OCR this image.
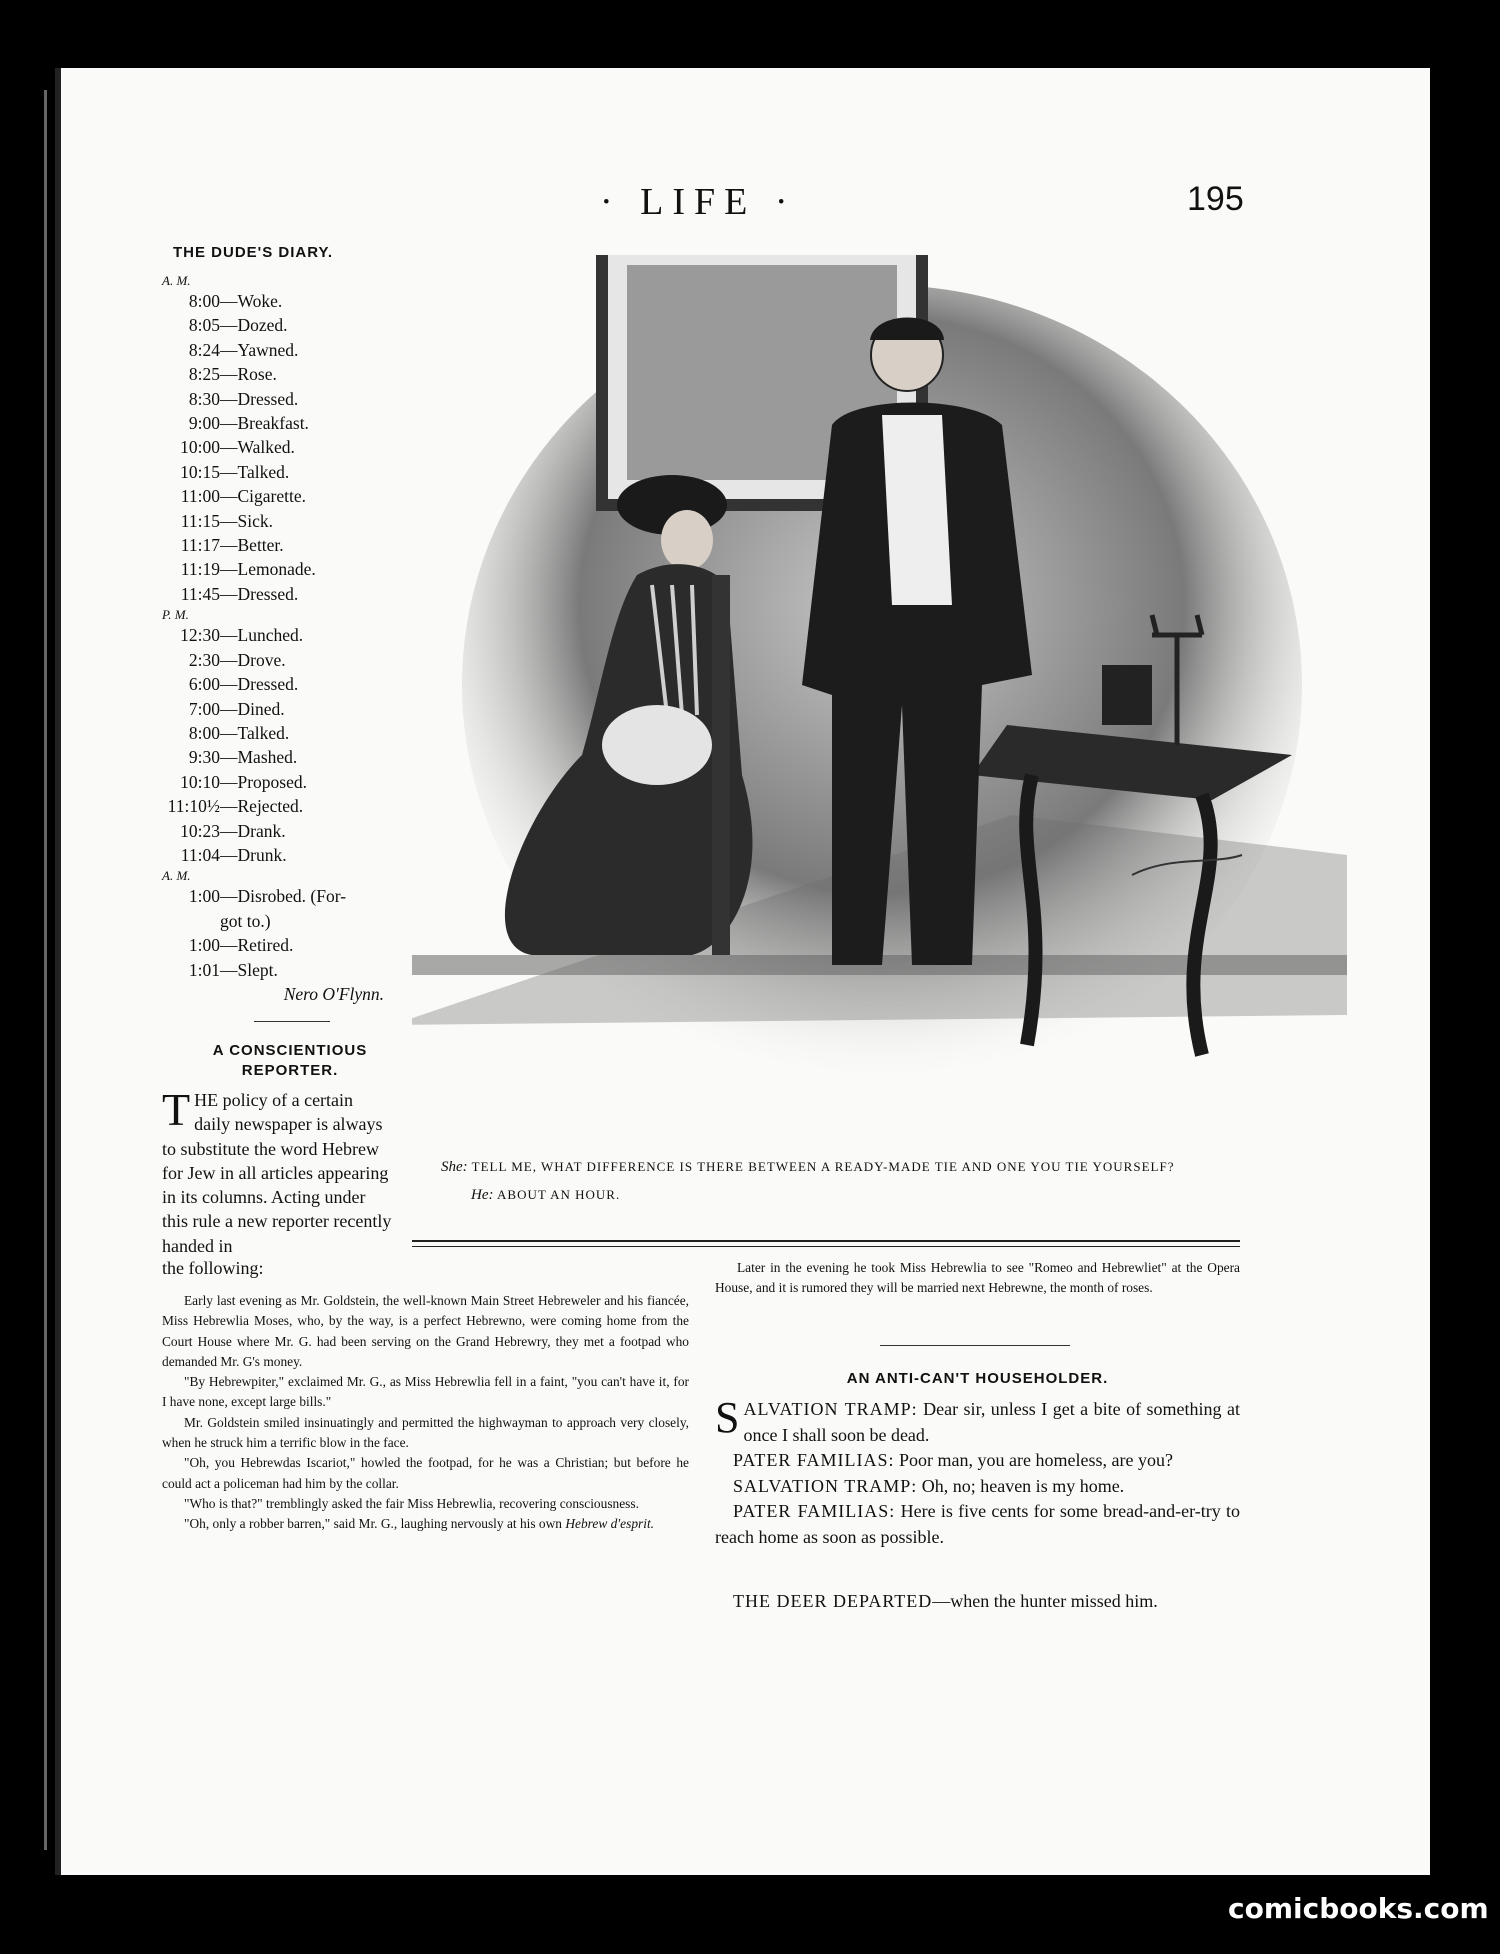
· LIFE ·	195
THE DUDE'S DIARY.
A. M.
8:00 —Woke.
8:05 —Dozed.
8:24 —Yawned.
8:25 —Rose.
8:30 —Dressed.
9:00 —Breakfast.
10:00 —Walked.
10:15 —Talked.
11:00 —Cigarette.
11:15 —Sick.
11:17 —Better.
11:19 —Lemonade.
11:45 —Dressed.
P. M.
12:30 —Lunched.
2:30 —Drove.
6:00 —Dressed.
7:00 —Dined.
8:00 —Talked.
9:30 —Mashed.
10:10 —Proposed.
11:10½ —Rejected.
10:23 —Drank.
11:04 —Drunk.
A. M.
1:00 —Disrobed. (For-
got to.)
1:00 —Retired.
1:01 —Slept.
Nero O'Flynn.
A CONSCIENTIOUS
REPORTER.
THE policy of a certain daily newspaper is always to substitute the word Hebrew for Jew in all articles appearing in its columns. Acting under this rule a new reporter recently handed in
the following:

Early last evening as Mr. Goldstein, the well-known Main Street Hebreweler and his fiancée, Miss Hebrewlia Moses, who, by the way, is a perfect Hebrewno, were coming home from the Court House where Mr. G. had been serving on the Grand Hebrewry, they met a footpad who demanded Mr. G's money.

"By Hebrewpiter," exclaimed Mr. G., as Miss Hebrewlia fell in a faint, "you can't have it, for I have none, except large bills."

Mr. Goldstein smiled insinuatingly and permitted the highwayman to approach very closely, when he struck him a terrific blow in the face.

"Oh, you Hebrewdas Iscariot," howled the footpad, for he was a Christian; but before he could act a policeman had him by the collar.

"Who is that?" tremblingly asked the fair Miss Hebrewlia, recovering consciousness.

"Oh, only a robber barren," said Mr. G., laughing nervously at his own Hebrew d'esprit.

She: TELL ME, WHAT DIFFERENCE IS THERE BETWEEN A READY-MADE TIE AND ONE YOU TIE YOURSELF?
He: ABOUT AN HOUR.

Later in the evening he took Miss Hebrewlia to see "Romeo and Hebrewliet" at the Opera House, and it is rumored they will be married next Hebrewne, the month of roses.

AN ANTI-CAN'T HOUSEHOLDER.

SALVATION TRAMP: Dear sir, unless I get a bite of something at once I shall soon be dead.

PATER FAMILIAS: Poor man, you are homeless, are you?

SALVATION TRAMP: Oh, no; heaven is my home.

PATER FAMILIAS: Here is five cents for some bread-and-er-try to reach home as soon as possible.

THE DEER DEPARTED—when the hunter missed him.
comicbooks.com
